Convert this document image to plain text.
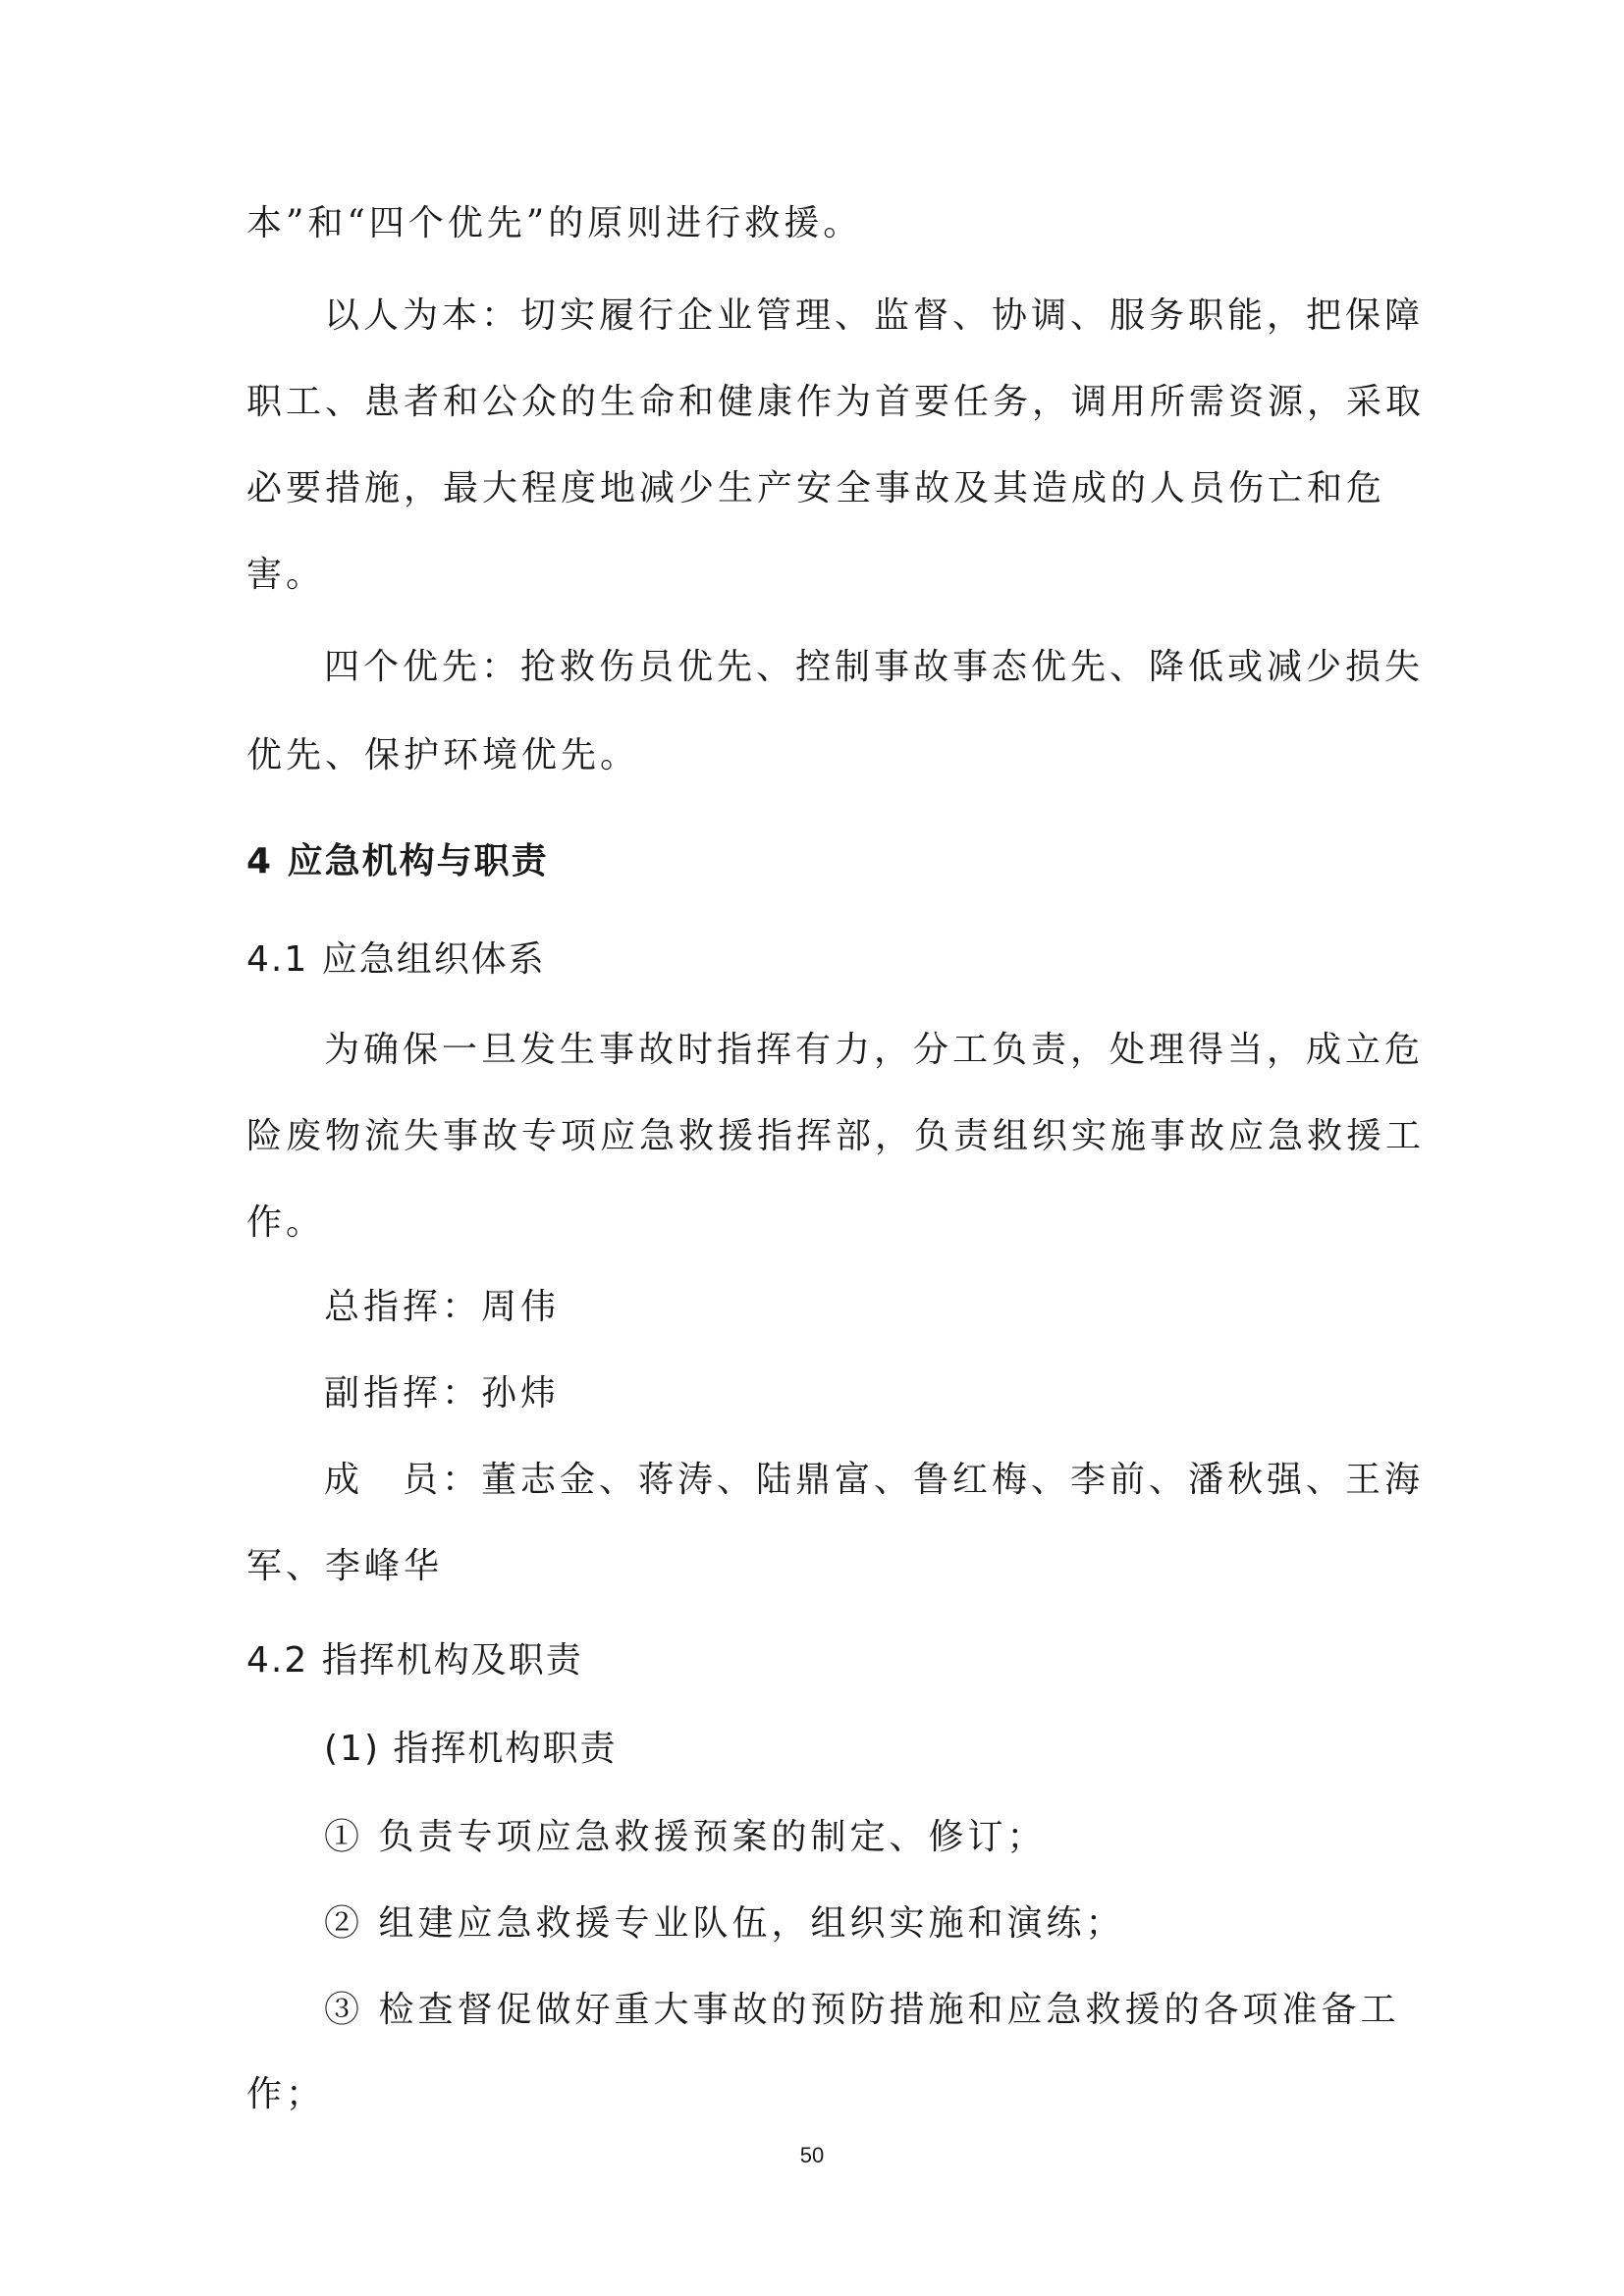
本”和“四个优先”的原则进行救援。

以人为本：切实履行企业管理、监督、协调、服务职能，把保障

职工、患者和公众的生命和健康作为首要任务，调用所需资源，采取

必要措施，最大程度地减少生产安全事故及其造成的人员伤亡和危

害。

四个优先：抢救伤员优先、控制事故事态优先、降低或减少损失

优先、保护环境优先。

4 应急机构与职责

4.1 应急组织体系

为确保一旦发生事故时指挥有力，分工负责，处理得当，成立危

险废物流失事故专项应急救援指挥部，负责组织实施事故应急救援工

作。

总指挥：周伟

副指挥：孙炜

成　员：董志金、蒋涛、陆鼎富、鲁红梅、李前、潘秋强、王海

军、李峰华

4.2 指挥机构及职责

(1) 指挥机构职责

① 负责专项应急救援预案的制定、修订；

② 组建应急救援专业队伍，组织实施和演练；

③ 检查督促做好重大事故的预防措施和应急救援的各项准备工

作；

50
